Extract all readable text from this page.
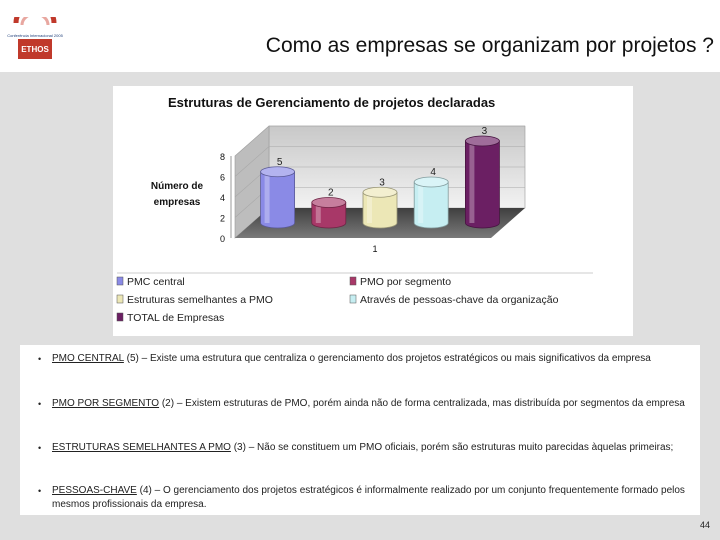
Conferência Internacional 2005
ETHOS	Como as empresas se organizam por projetos ?
Estruturas de Gerenciamento de projetos declaradas
Número de
empresas
0
2
4
6
8	5
2
3
4
3
1
PMC central	PMO por segmento
Estruturas semelhantes a PMO	Através de pessoas-chave da organização
TOTAL de Empresas
• PMO CENTRAL (5) – Existe uma estrutura que centraliza o gerenciamento dos projetos estratégicos ou mais significativos da empresa
• PMO POR SEGMENTO (2) – Existem estruturas de PMO, porém ainda não de forma centralizada, mas distribuída por segmentos da empresa
• ESTRUTURAS SEMELHANTES A PMO (3) – Não se constituem um PMO oficiais, porém são estruturas muito parecidas àquelas primeiras;
• PESSOAS-CHAVE (4) – O gerenciamento dos projetos estratégicos é informalmente realizado por um conjunto frequentemente formado pelos mesmos profissionais da empresa.
44
